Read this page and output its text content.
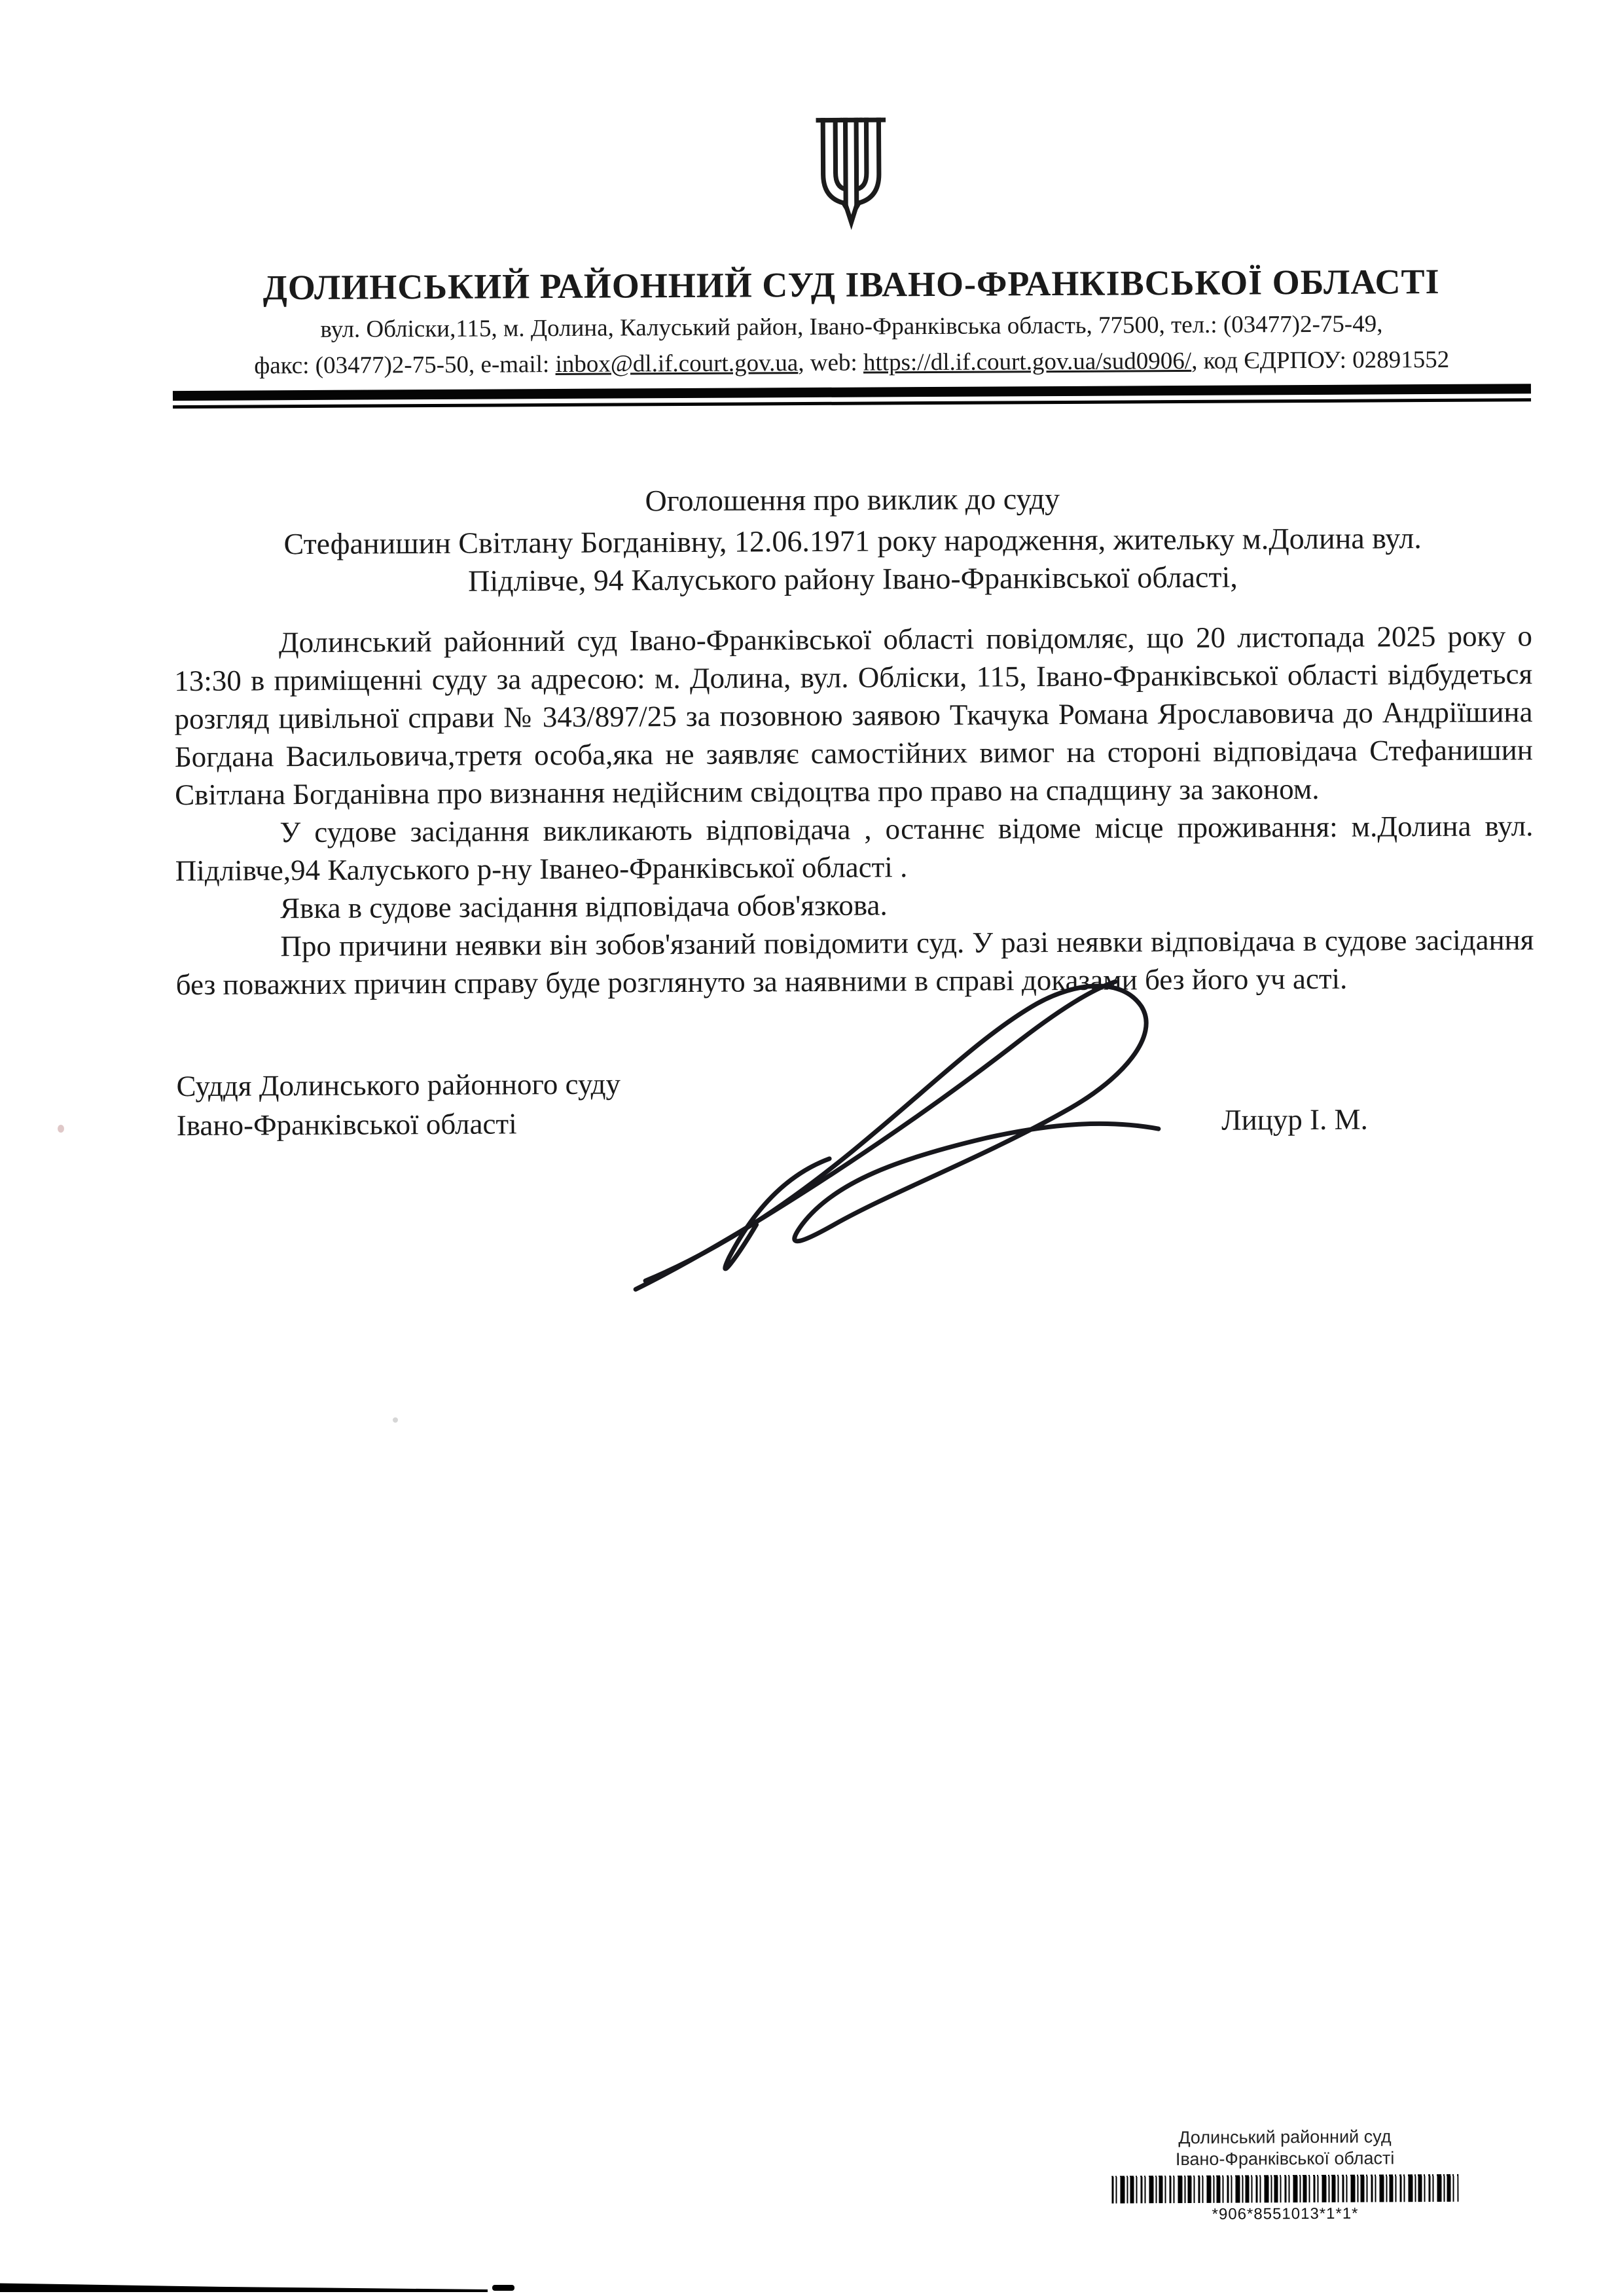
ДОЛИНСЬКИЙ РАЙОННИЙ СУД ІВАНО-ФРАНКІВСЬКОЇ ОБЛАСТІ
вул. Обліски,115, м. Долина, Калуський район, Івано-Франківська область, 77500, тел.: (03477)2-75-49,
факс: (03477)2-75-50, e-mail: inbox@dl.if.court.gov.ua, web: https://dl.if.court.gov.ua/sud0906/, код ЄДРПОУ: 02891552
Оголошення про виклик до суду
Стефанишин Світлану Богданівну, 12.06.1971 року народження, жительку м.Долина вул.
Підлівче, 94 Калуського району Івано-Франківської області,

Долинський районний суд Івано-Франківської області повідомляє, що 20 листопада 2025 року о 13:30 в приміщенні суду за адресою: м. Долина, вул. Обліски, 115, Івано-Франківської області відбудеться розгляд цивільної справи № 343/897/25 за позовною заявою Ткачука Романа Ярославовича до Андріїшина Богдана Васильовича,третя особа,яка не заявляє самостійних вимог на стороні відповідача Стефанишин Світлана Богданівна про визнання недійсним свідоцтва про право на спадщину за законом.

У судове засідання викликають відповідача , останнє відоме місце проживання: м.Долина вул. Підлівче,94 Калуського р-ну Іванео-Франківської області .

Явка в судове засідання відповідача обов'язкова.

Про причини неявки він зобов'язаний повідомити суд. У разі неявки відповідача в судове засідання без поважних причин справу буде розглянуто за наявними в справі доказами без його уч асті.

Суддя Долинського районного суду
Івано-Франківської області	Лицур І. М.
Долинський районний суд
Івано-Франківської області
*906*8551013*1*1*
